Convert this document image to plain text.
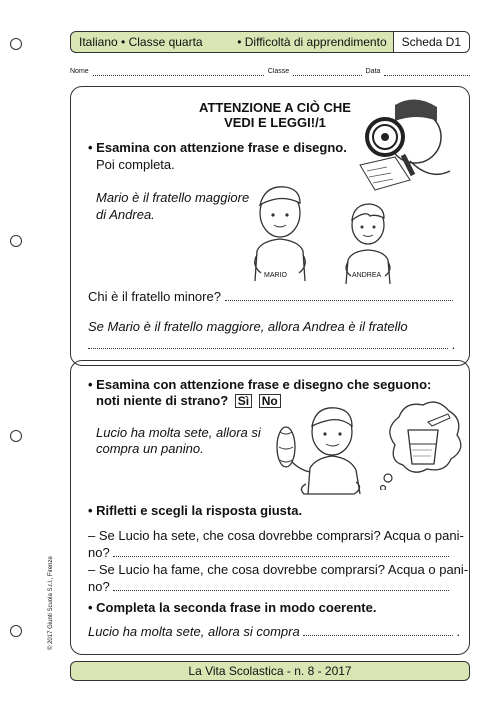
Italiano • Classe quarta	• Difficoltà di apprendimento	Scheda D1
Nome	Classe	Data
ATTENZIONE A CIÒ CHE
VEDI E LEGGI!/1
• Esamina con attenzione frase e disegno.
Poi completa.
Mario è il fratello maggiore
di Andrea.
MARIO	ANDREA
Chi è il fratello minore?
Se Mario è il fratello maggiore, allora Andrea è il fratello
.
• Esamina con attenzione frase e disegno che seguono:
noti niente di strano? Sì No
Lucio ha molta sete, allora si
compra un panino.
• Rifletti e scegli la risposta giusta.
– Se Lucio ha sete, che cosa dovrebbe comprarsi? Acqua o pani-
no?
– Se Lucio ha fame, che cosa dovrebbe comprarsi? Acqua o pani-
no?
• Completa la seconda frase in modo coerente.
Lucio ha molta sete, allora si compra	.
La Vita Scolastica - n. 8 - 2017
© 2017 Giunti Scuola S.r.l., Firenze
